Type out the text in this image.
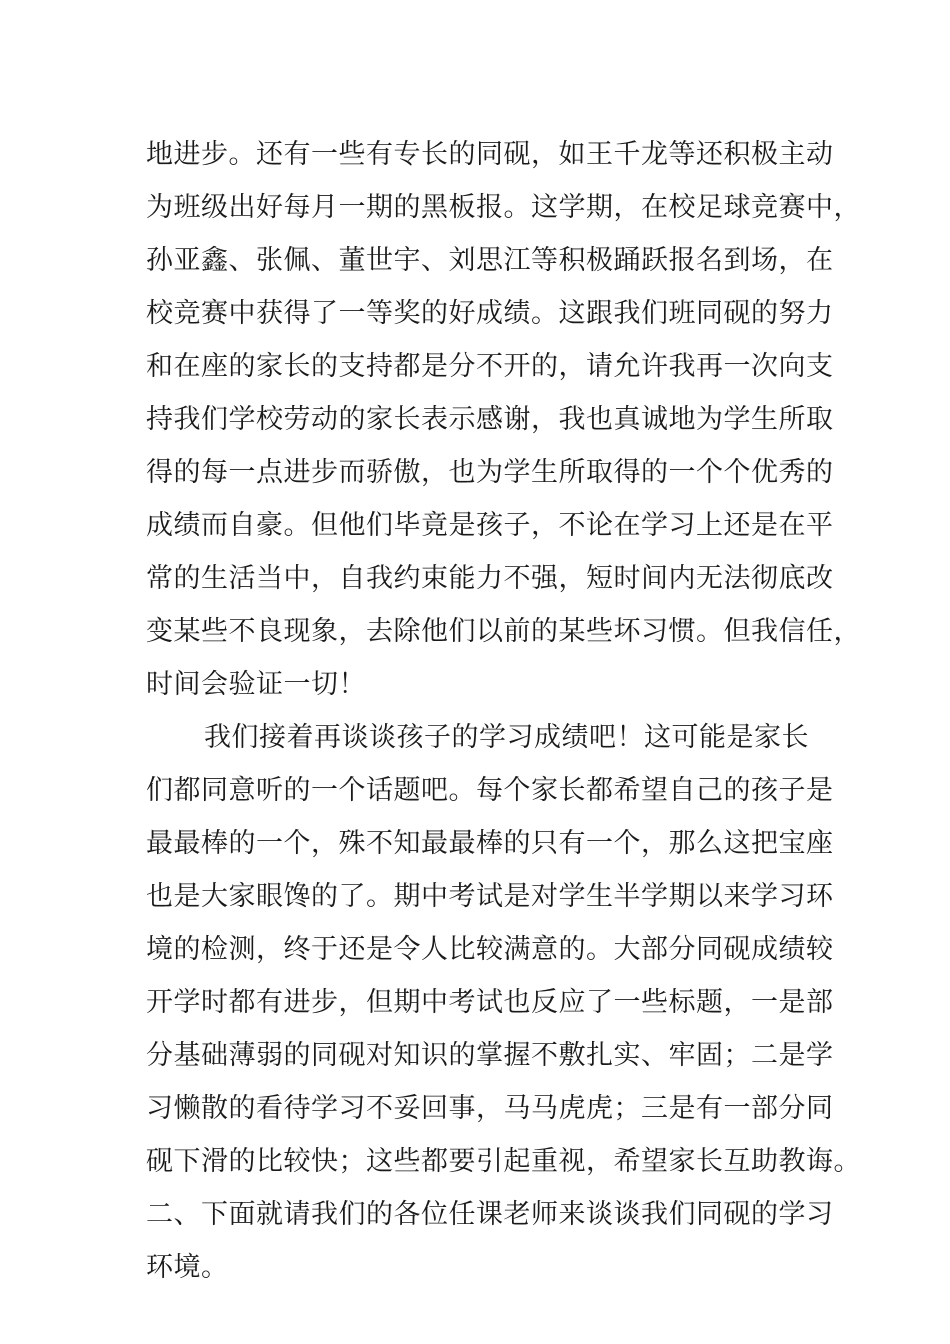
地进步。还有一些有专长的同砚，如王千龙等还积极主动
为班级出好每月一期的黑板报。这学期，在校足球竞赛中，
孙亚鑫、张佩、董世宇、刘思江等积极踊跃报名到场，在
校竞赛中获得了一等奖的好成绩。这跟我们班同砚的努力
和在座的家长的支持都是分不开的，请允许我再一次向支
持我们学校劳动的家长表示感谢，我也真诚地为学生所取
得的每一点进步而骄傲，也为学生所取得的一个个优秀的
成绩而自豪。但他们毕竟是孩子，不论在学习上还是在平
常的生活当中，自我约束能力不强，短时间内无法彻底改
变某些不良现象，去除他们以前的某些坏习惯。但我信任，
时间会验证一切！
我们接着再谈谈孩子的学习成绩吧！这可能是家长
们都同意听的一个话题吧。每个家长都希望自己的孩子是
最最棒的一个，殊不知最最棒的只有一个，那么这把宝座
也是大家眼馋的了。期中考试是对学生半学期以来学习环
境的检测，终于还是令人比较满意的。大部分同砚成绩较
开学时都有进步，但期中考试也反应了一些标题，一是部
分基础薄弱的同砚对知识的掌握不敷扎实、牢固；二是学
习懒散的看待学习不妥回事，马马虎虎；三是有一部分同
砚下滑的比较快；这些都要引起重视，希望家长互助教诲。
二、下面就请我们的各位任课老师来谈谈我们同砚的学习
环境。
